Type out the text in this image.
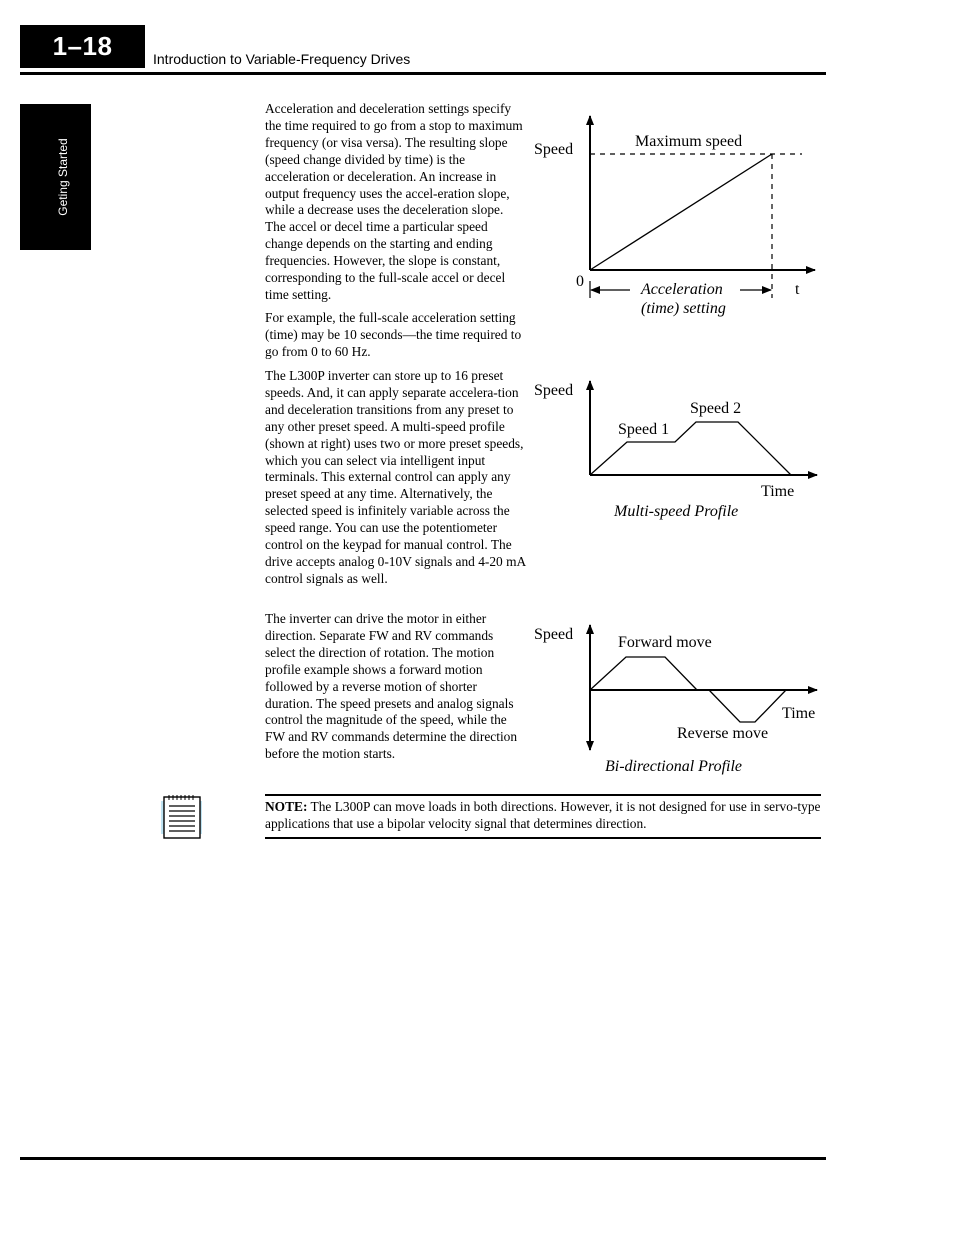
1–18	Introduction to Variable-Frequency Drives
Geting Started

Acceleration and deceleration settings specify the time required to go from a stop to maximum frequency (or visa versa). The resulting slope (speed change divided by time) is the acceleration or deceleration. An increase in output frequency uses the accel-eration slope, while a decrease uses the deceleration slope. The accel or decel time a particular speed change depends on the starting and ending frequencies. However, the slope is constant, corresponding to the full-scale accel or decel time setting.

For example, the full-scale acceleration setting (time) may be 10 seconds—the time required to go from 0 to 60 Hz.

The L300P inverter can store up to 16 preset speeds. And, it can apply separate accelera-tion and deceleration transitions from any preset to any other preset speed. A multi-speed profile (shown at right) uses two or more preset speeds, which you can select via intelligent input terminals. This external control can apply any preset speed at any time. Alternatively, the selected speed is infinitely variable across the speed range. You can use the potentiometer control on the keypad for manual control. The drive accepts analog 0-10V signals and 4-20 mA control signals as well.

The inverter can drive the motor in either direction. Separate FW and RV commands select the direction of rotation. The motion profile example shows a forward motion followed by a reverse motion of shorter duration. The speed presets and analog signals control the magnitude of the speed, while the FW and RV commands determine the direction before the motion starts.

Speed	Maximum speed
0	t
Acceleration
(time) setting
Speed
Speed 1
Speed 2
Time
Multi-speed Profile
Speed	Forward move
Time
Reverse move
Bi-directional Profile

NOTE: The L300P can move loads in both directions. However, it is not designed for use in servo-type applications that use a bipolar velocity signal that determines direction.
